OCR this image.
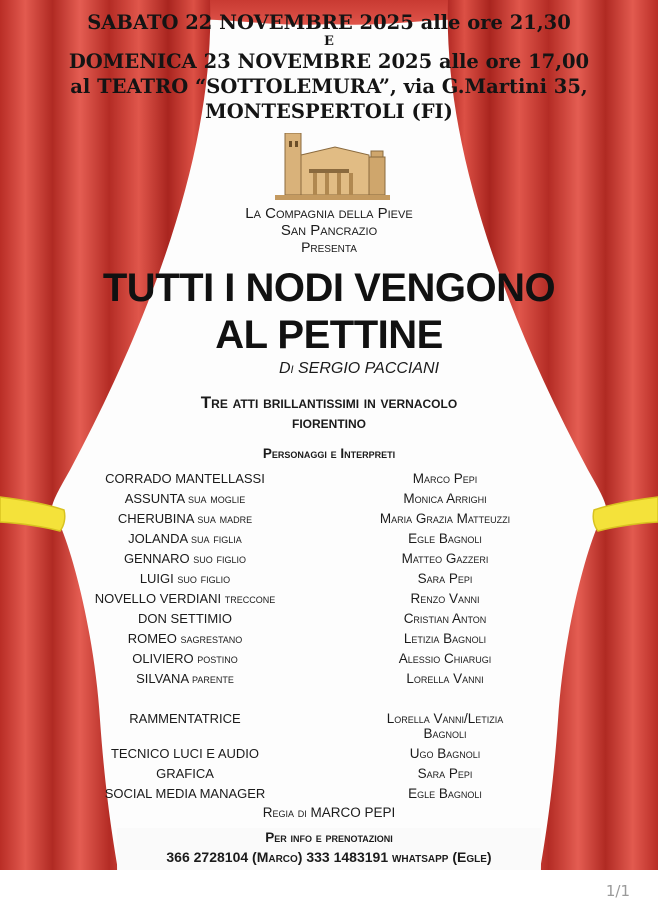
SABATO 22 NOVEMBRE 2025 alle ore 21,30
E
DOMENICA 23 NOVEMBRE 2025 alle ore 17,00
al TEATRO “SOTTOLEMURA”, via G.Martini 35,
MONTESPERTOLI (FI)
La Compagnia della Pieve
San Pancrazio
Presenta
TUTTI I NODI VENGONO
AL PETTINE
Di SERGIO PACCIANI
Tre atti brillantissimi in vernacolo
fiorentino
Personaggi e Interpreti
CORRADO MANTELLASSI	Marco Pepi
ASSUNTA sua moglie	Monica Arrighi
CHERUBINA sua madre	Maria Grazia Matteuzzi
JOLANDA sua figlia	Egle Bagnoli
GENNARO suo figlio	Matteo Gazzeri
LUIGI suo figlio	Sara Pepi
NOVELLO VERDIANI treccone	Renzo Vanni
DON SETTIMIO	Cristian Anton
ROMEO sagrestano	Letizia Bagnoli
OLIVIERO postino	Alessio Chiarugi
SILVANA parente	Lorella Vanni
RAMMENTATRICE	Lorella Vanni/Letizia
Bagnoli
TECNICO LUCI E AUDIO	Ugo Bagnoli
GRAFICA	Sara Pepi
SOCIAL MEDIA MANAGER	Egle Bagnoli
Regia di MARCO PEPI
Per info e prenotazioni
366 2728104 (Marco) 333 1483191 whatsapp (Egle)
1/1
